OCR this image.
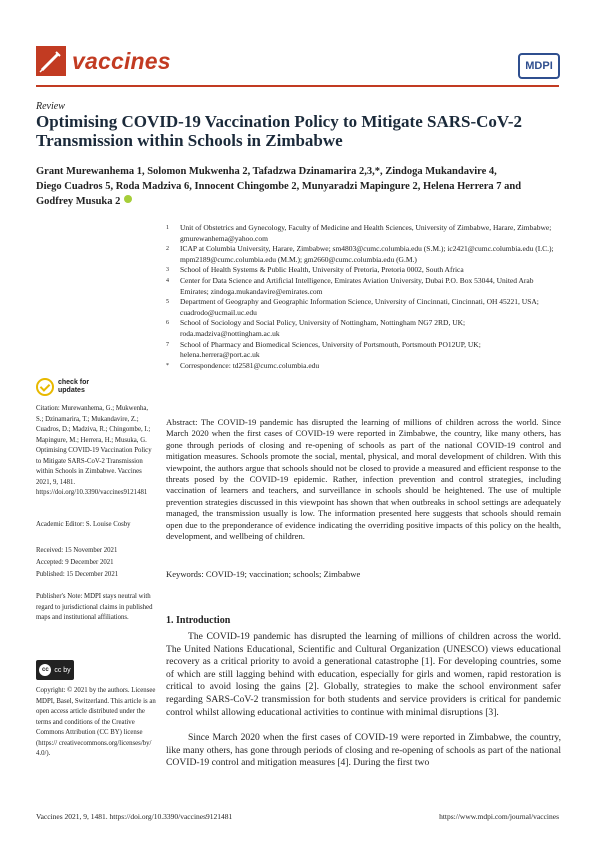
vaccines	MDPI
Review
Optimising COVID-19 Vaccination Policy to Mitigate SARS-CoV-2 Transmission within Schools in Zimbabwe
Grant Murewanhema 1, Solomon Mukwenha 2, Tafadzwa Dzinamarira 2,3,*, Zindoga Mukandavire 4,
Diego Cuadros 5, Roda Madziva 6, Innocent Chingombe 2, Munyaradzi Mapingure 2, Helena Herrera 7 and
Godfrey Musuka 2
1 Unit of Obstetrics and Gynecology, Faculty of Medicine and Health Sciences, University of Zimbabwe, Harare, Zimbabwe; gmurewanhema@yahoo.com
2 ICAP at Columbia University, Harare, Zimbabwe; sm4803@cumc.columbia.edu (S.M.); ic2421@cumc.columbia.edu (I.C.); mpm2189@cumc.columbia.edu (M.M.); gm2660@cumc.columbia.edu (G.M.)
3 School of Health Systems & Public Health, University of Pretoria, Pretoria 0002, South Africa
4 Center for Data Science and Artificial Intelligence, Emirates Aviation University, Dubai P.O. Box 53044, United Arab Emirates; zindoga.mukandavire@emirates.com
5 Department of Geography and Geographic Information Science, University of Cincinnati, Cincinnati, OH 45221, USA; cuadrodo@ucmail.uc.edu
6 School of Sociology and Social Policy, University of Nottingham, Nottingham NG7 2RD, UK; roda.madziva@nottingham.ac.uk
7 School of Pharmacy and Biomedical Sciences, University of Portsmouth, Portsmouth PO12UP, UK; helena.herrera@port.ac.uk
* Correspondence: td2581@cumc.columbia.edu
check for updates
Citation: Murewanhema, G.; Mukwenha, S.; Dzinamarira, T.; Mukandavire, Z.; Cuadros, D.; Madziva, R.; Chingombe, I.; Mapingure, M.; Herrera, H.; Musuka, G. Optimising COVID-19 Vaccination Policy to Mitigate SARS-CoV-2 Transmission within Schools in Zimbabwe. Vaccines 2021, 9, 1481. https://doi.org/10.3390/vaccines9121481
Academic Editor: S. Louise Cosby
Received: 15 November 2021
Accepted: 9 December 2021
Published: 15 December 2021
Publisher's Note: MDPI stays neutral with regard to jurisdictional claims in published maps and institutional affiliations.
cc cc by
Copyright: © 2021 by the authors. Licensee MDPI, Basel, Switzerland. This article is an open access article distributed under the terms and conditions of the Creative Commons Attribution (CC BY) license (https:// creativecommons.org/licenses/by/ 4.0/).
Abstract: The COVID-19 pandemic has disrupted the learning of millions of children across the world. Since March 2020 when the first cases of COVID-19 were reported in Zimbabwe, the country, like many others, has gone through periods of closing and re-opening of schools as part of the national COVID-19 control and mitigation measures. Schools promote the social, mental, physical, and moral development of children. With this viewpoint, the authors argue that schools should not be closed to provide a measured and efficient response to the threats posed by the COVID-19 epidemic. Rather, infection prevention and control strategies, including vaccination of learners and teachers, and surveillance in schools should be heightened. The use of multiple prevention strategies discussed in this viewpoint has shown that when outbreaks in school settings are adequately managed, the transmission usually is low. The information presented here suggests that schools should remain open due to the preponderance of evidence indicating the overriding positive impacts of this policy on the health, development, and wellbeing of children.
Keywords: COVID-19; vaccination; schools; Zimbabwe
1. Introduction
The COVID-19 pandemic has disrupted the learning of millions of children across the world. The United Nations Educational, Scientific and Cultural Organization (UNESCO) views educational recovery as a critical priority to avoid a generational catastrophe [1]. For developing countries, some of which are still lagging behind with education, especially for girls and women, rapid restoration is critical to avoid losing the gains [2]. Globally, strategies to make the school environment safer regarding SARS-CoV-2 transmission for both students and service providers is critical for pandemic control whilst allowing educational activities to continue with minimal disruptions [3].
Since March 2020 when the first cases of COVID-19 were reported in Zimbabwe, the country, like many others, has gone through periods of closing and re-opening of schools as part of the national COVID-19 control and mitigation measures [4]. During the first two
Vaccines 2021, 9, 1481. https://doi.org/10.3390/vaccines9121481	https://www.mdpi.com/journal/vaccines
